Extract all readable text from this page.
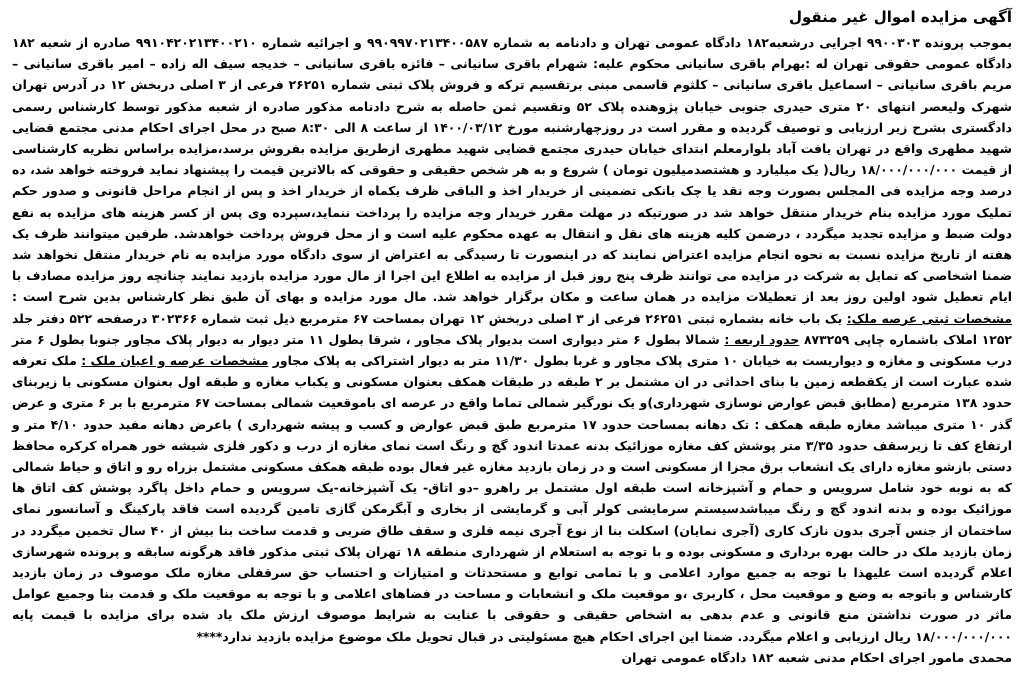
آگهی مزایده اموال غیر منقول

بموجب پرونده ۹۹۰۰۳۰۳ اجرایی درشعبه۱۸۲ دادگاه عمومی تهران و دادنامه به شماره ۹۹۰۹۹۷۰۲۱۳۴۰۰۵۸۷ و اجرائیه شماره ۹۹۱۰۴۲۰۲۱۳۴۰۰۲۱۰ صادره از شعبه ۱۸۲ دادگاه عمومی حقوقی تهران له :بهرام باقری سانیانی محکوم علیه: شهرام باقری سانیانی – فائزه باقری سانیانی – خدیجه سیف اله زاده – امیر باقری سانیانی – مریم باقری سانیانی – اسماعیل باقری سانیانی – کلثوم قاسمی مبنی برتقسیم ترکه و فروش پلاک ثبتی شماره ۲۶۲۵۱ فرعی از ۳ اصلی دربخش ۱۲ در آدرس تهران شهرک ولیعصر انتهای ۲۰ متری حیدری جنوبی خیابان پژوهنده پلاک ۵۲ وتقسیم ثمن حاصله به شرح دادنامه مذکور صادره از شعبه مذکور توسط کارشناس رسمی دادگستری بشرح زیر ارزیابی و توصیف گردیده و مقرر است در روزچهارشنبه مورخ ۱۴۰۰/۰۳/۱۲ از ساعت ۸ الی ۸:۳۰ صبح در محل اجرای احکام مدنی مجتمع قضایی شهید مطهری واقع در تهران یافت آباد بلوارمعلم ابتدای خیابان حیدری مجتمع قضایی شهید مطهری ازطریق مزایده بفروش برسد،مزایده براساس نظریه کارشناسی از قیمت ۱۸/۰۰۰/۰۰۰/۰۰۰ ریال( یک میلیارد و هشتصدمیلیون تومان ) شروع و به هر شخص حقیقی و حقوقی که بالاترین قیمت را پیشنهاد نماید فروخته خواهد شد، ده درصد وجه مزایده فی المجلس بصورت وجه نقد یا چک بانکی تضمینی از خریدار اخذ و الباقی ظرف یکماه از خریدار اخذ و پس از انجام مراحل قانونی و صدور حکم تملیک مورد مزایده بنام خریدار منتقل خواهد شد در صورتیکه در مهلت مقرر خریدار وجه مزایده را پرداخت ننماید،سپرده وی پس از کسر هزینه های مزایده به نفع دولت ضبط و مزایده تجدید میگردد ، درضمن کلیه هزینه های نقل و انتقال به عهده محکوم علیه است و از محل فروش پرداخت خواهدشد. طرفین میتوانند ظرف یک هفته از تاریخ مزایده نسبت به نحوه انجام مزایده اعتراض نمایند که در اینصورت تا رسیدگی به اعتراض از سوی دادگاه مورد مزایده به نام خریدار منتقل نخواهد شد ضمنا اشخاصی که تمایل به شرکت در مزایده می توانند ظرف پنج روز قبل از مزایده به اطلاع این اجرا از مال مورد مزایده بازدید نمایند چنانچه روز مزایده مصادف با ایام تعطیل شود اولین روز بعد از تعطیلات مزایده در همان ساعت و مکان برگزار خواهد شد. مال مورد مزایده و بهای آن طبق نظر کارشناس بدین شرح است : مشخصات ثبتی عرصه ملک: یک باب خانه بشماره ثبتی ۲۶۲۵۱ فرعی از ۳ اصلی دربخش ۱۲ تهران بمساحت ۶۷ مترمربع ذیل ثبت شماره ۳۰۲۳۶۶ درصفحه ۵۲۲ دفتر جلد ۱۲۵۲ املاک باشماره چاپی ۸۷۳۲۵۹ حدود اربعه : شمالا بطول ۶ متر دیواری است بدیوار پلاک مجاور ، شرقا بطول ۱۱ متر دیوار به دیوار پلاک مجاور جنوبا بطول ۶ متر درب مسکونی و مغازه و دیواریست به خیابان ۱۰ متری پلاک مجاور و غربا بطول ۱۱/۳۰ متر به دیوار اشتراکی به پلاک مجاور مشخصات عرصه و اعیان ملک : ملک تعرفه شده عبارت است از یکقطعه زمین با بنای احداثی در ان مشتمل بر ۲ طبقه در طبقات همکف بعنوان مسکونی و یکباب مغازه و طبقه اول بعنوان مسکونی با زیربنای حدود ۱۳۸ مترمربع (مطابق قبض عوارض نوسازی شهرداری)و یک نورگیر شمالی تماما واقع در عرصه ای باموقعیت شمالی بمساحت ۶۷ مترمربع با بر ۶ متری و عرض گذر ۱۰ متری میباشد مغازه طبقه همکف : تک دهانه بمساحت حدود ۱۷ مترمربع طبق قبض عوارض و کسب و پیشه شهرداری ) باعرض دهانه مفید حدود ۴/۱۰ متر و ارتفاع کف تا زیرسقف حدود ۳/۳۵ متر پوشش کف مغازه موزائیک بدنه عمدتا اندود گچ و رنگ است نمای مغازه از درب و دکور فلزی شیشه خور همراه کرکره محافظ دستی بازشو مغازه دارای یک انشعاب برق مجزا از مسکونی است و در زمان بازدید مغازه غیر فعال بوده طبقه همکف مسکونی مشتمل بزراه رو و اتاق و حیاط شمالی که به نوبه خود شامل سرویس و حمام و آشپزخانه است طبقه اول مشتمل بر راهرو –دو اتاق- یک آشپزخانه-یک سرویس و حمام داخل پاگرد پوشش کف اتاق ها موزائیک بوده و بدنه اندود گچ و رنگ میباشدسیستم سرمایشی کولر آبی و گرمایشی از بخاری و آبگرمکن گازی تامین گردیده است فاقد پارکینگ و آسانسور نمای ساختمان از جنس آجری بدون نازک کاری (آجری نمایان) اسکلت بنا از نوع آجری نیمه فلزی و سقف طاق ضربی و قدمت ساخت بنا بیش از ۴۰ سال تخمین میگردد در زمان بازدید ملک در حالت بهره برداری و مسکونی بوده و با توجه به استعلام از شهرداری منطقه ۱۸ تهران پلاک ثبتی مذکور فاقد هرگونه سابقه و پرونده شهرسازی اعلام گردیده است علیهذا با توجه به جمیع موارد اعلامی و با تمامی توابع و مستحدثات و امتیازات و احتساب حق سرقفلی مغازه ملک موصوف در زمان بازدید کارشناس و باتوجه به وضع و موقعیت محل ، کاربری ،و موقعیت ملک و انشعابات و مساحت در فضاهای اعلامی و با توجه به موقعیت ملک و قدمت بنا وجمیع عوامل ماثر در صورت نداشتن منع قانونی و عدم بدهی به اشخاص حقیقی و حقوقی با عنایت به شرایط موصوف ارزش ملک یاد شده برای مزایده با قیمت پایه ۱۸/۰۰۰/۰۰۰/۰۰۰ ریال ارزیابی و اعلام میگردد. ضمنا این اجرای احکام هیچ مسئولیتی در قبال تحویل ملک موضوع مزایده بازدید ندارد****

محمدی مامور اجرای احکام مدنی شعبه ۱۸۲ دادگاه عمومی تهران
